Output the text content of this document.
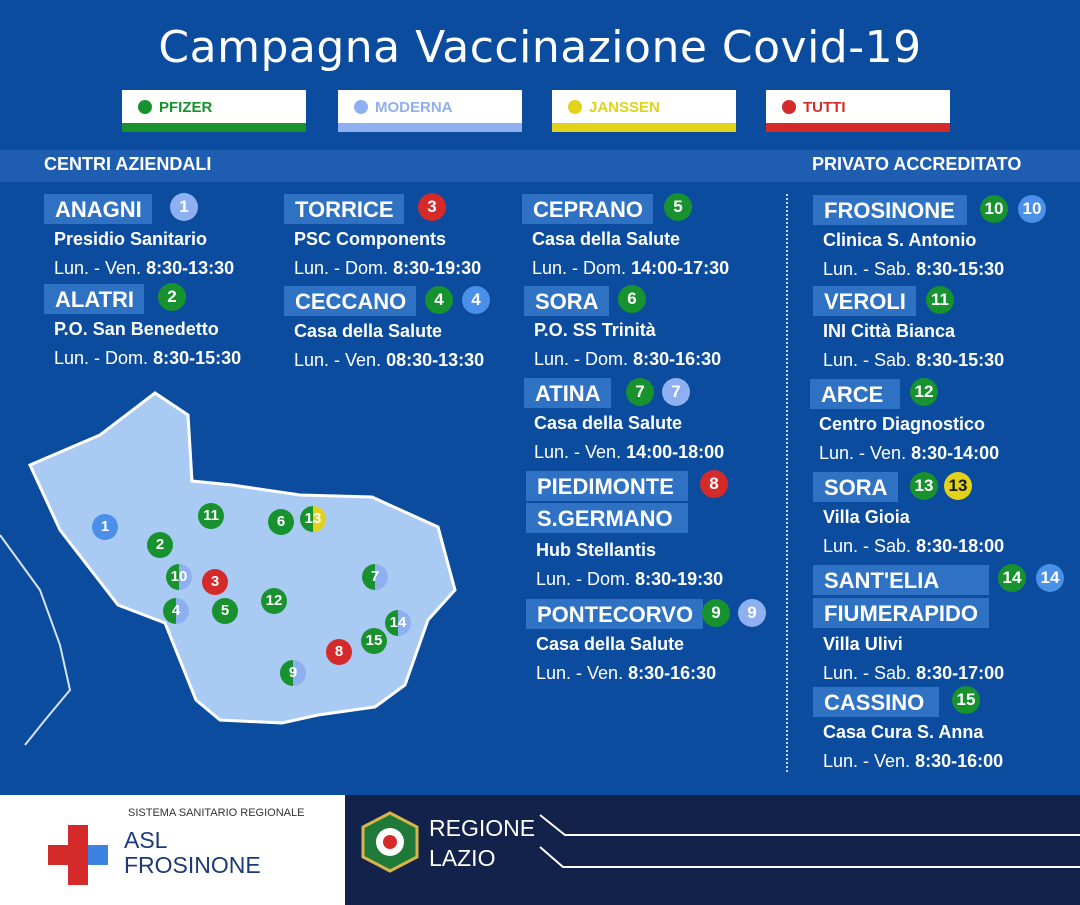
Campagna Vaccinazione Covid-19
PFIZER	MODERNA	JANSSEN	TUTTI
CENTRI AZIENDALI	PRIVATO ACCREDITATO
ANAGNI	1
Presidio Sanitario
Lun. - Ven. 8:30-13:30
ALATRI	2
P.O. San Benedetto
Lun. - Dom. 8:30-15:30
TORRICE	3
PSC Components
Lun. - Dom. 8:30-19:30
CECCANO	4	4
Casa della Salute
Lun. - Ven. 08:30-13:30
CEPRANO	5
Casa della Salute
Lun. - Dom. 14:00-17:30
SORA	6
P.O. SS Trinità
Lun. - Dom. 8:30-16:30
ATINA	7	7
Casa della Salute
Lun. - Ven. 14:00-18:00
PIEDIMONTE
S.GERMANO
8
Hub Stellantis
Lun. - Dom. 8:30-19:30
PONTECORVO	9	9
Casa della Salute
Lun. - Ven. 8:30-16:30
FROSINONE	10 10
Clinica S. Antonio
Lun. - Sab. 8:30-15:30
VEROLI	11
INI Città Bianca
Lun. - Sab. 8:30-15:30
ARCE	12
Centro Diagnostico
Lun. - Ven. 8:30-14:00
SORA	13 13
Villa Gioia
Lun. - Sab. 8:30-18:00
SANT'ELIA
FIUMERAPIDO
14 14
Villa Ulivi
Lun. - Sab. 8:30-17:00
CASSINO	15
Casa Cura S. Anna
Lun. - Ven. 8:30-16:00
1
2
3
4	5
6
7
8
9
10
11
12
13
14
15
SISTEMA SANITARIO REGIONALE
ASL
FROSINONE
REGIONE
LAZIO
